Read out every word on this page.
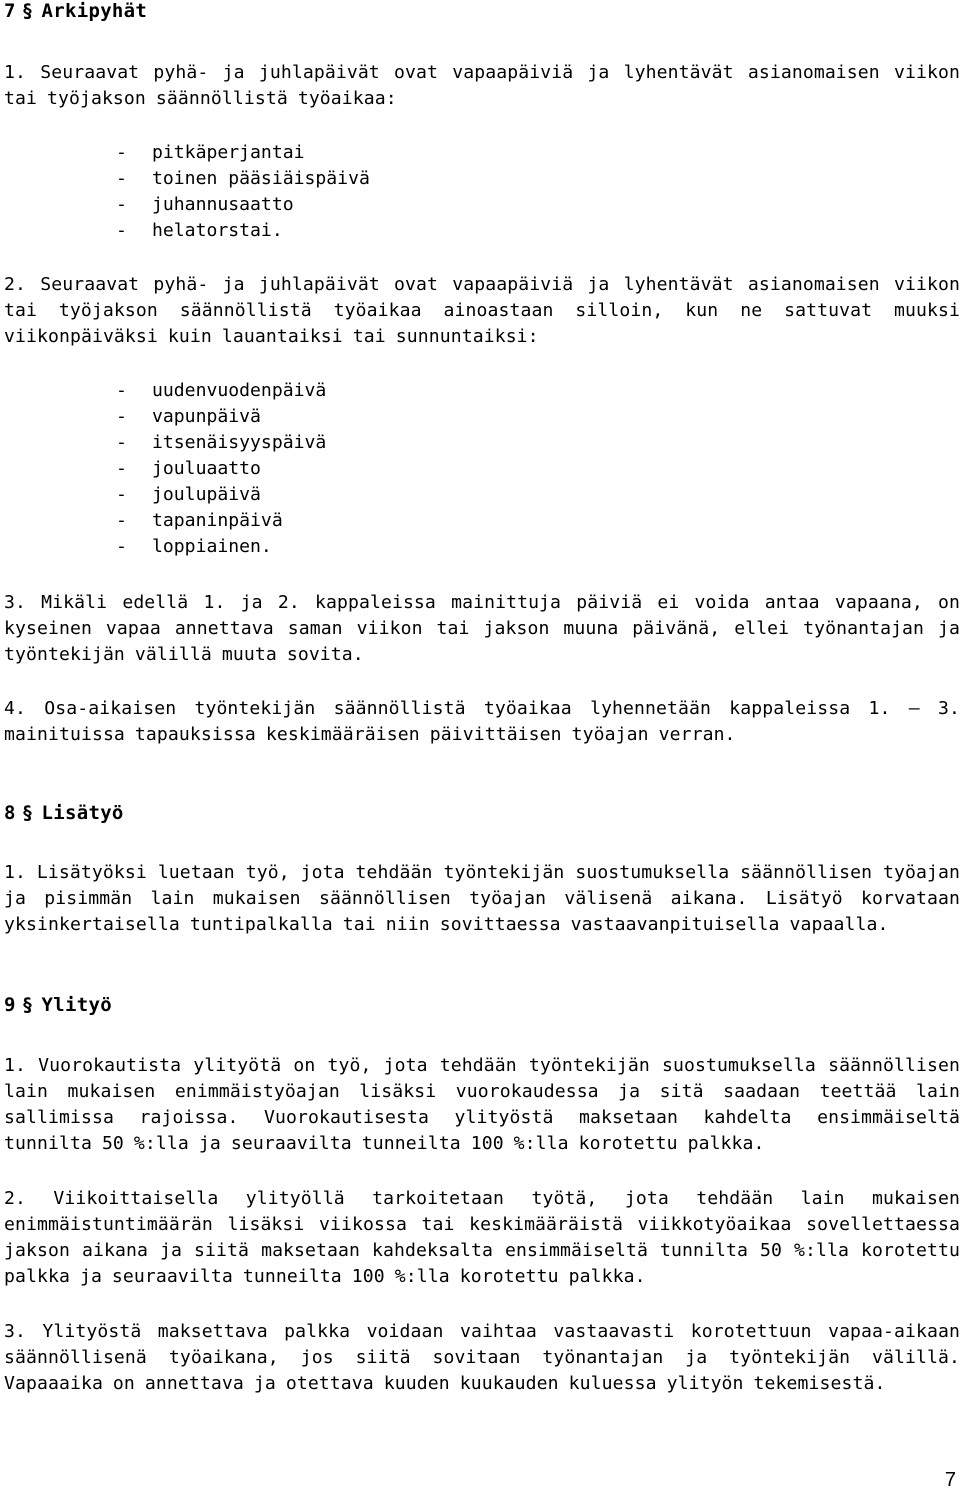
7 § Arkipyhät

1. Seuraavat pyhä- ja juhlapäivät ovat vapaapäiviä ja lyhentävät asianomaisen viikon tai työjakson säännöllistä työaikaa:

-	pitkäperjantai
-	toinen pääsiäispäivä
-	juhannusaatto
-	helatorstai.

2. Seuraavat pyhä- ja juhlapäivät ovat vapaapäiviä ja lyhentävät asianomaisen viikon tai työjakson säännöllistä työaikaa ainoastaan silloin, kun ne sattuvat muuksi viikonpäiväksi kuin lauantaiksi tai sunnuntaiksi:

-	uudenvuodenpäivä
-	vapunpäivä
-	itsenäisyyspäivä
-	jouluaatto
-	joulupäivä
-	tapaninpäivä
-	loppiainen.

3. Mikäli edellä 1. ja 2. kappaleissa mainittuja päiviä ei voida antaa vapaana, on kyseinen vapaa annettava saman viikon tai jakson muuna päivänä, ellei työnantajan ja työntekijän välillä muuta sovita.

4. Osa-aikaisen työntekijän säännöllistä työaikaa lyhennetään kappaleissa 1. — 3. mainituissa tapauksissa keskimääräisen päivittäisen työajan verran.

8 § Lisätyö

1. Lisätyöksi luetaan työ, jota tehdään työntekijän suostumuksella säännöllisen työajan ja pisimmän lain mukaisen säännöllisen työajan välisenä aikana. Lisätyö korvataan yksinkertaisella tuntipalkalla tai niin sovittaessa vastaavanpituisella vapaalla.

9 § Ylityö

1. Vuorokautista ylityötä on työ, jota tehdään työntekijän suostumuksella säännöllisen lain mukaisen enimmäistyöajan lisäksi vuorokaudessa ja sitä saadaan teettää lain sallimissa rajoissa. Vuorokautisesta ylityöstä maksetaan kahdelta ensimmäiseltä tunnilta 50 %:lla ja seuraavilta tunneilta 100 %:lla korotettu palkka.

2. Viikoittaisella ylityöllä tarkoitetaan työtä, jota tehdään lain mukaisen enimmäistuntimäärän lisäksi viikossa tai keskimääräistä viikkotyöaikaa sovellettaessa jakson aikana ja siitä maksetaan kahdeksalta ensimmäiseltä tunnilta 50 %:lla korotettu palkka ja seuraavilta tunneilta 100 %:lla korotettu palkka.

3. Ylityöstä maksettava palkka voidaan vaihtaa vastaavasti korotettuun vapaa-aikaan säännöllisenä työaikana, jos siitä sovitaan työnantajan ja työntekijän välillä. Vapaaaika on annettava ja otettava kuuden kuukauden kuluessa ylityön tekemisestä.

7
